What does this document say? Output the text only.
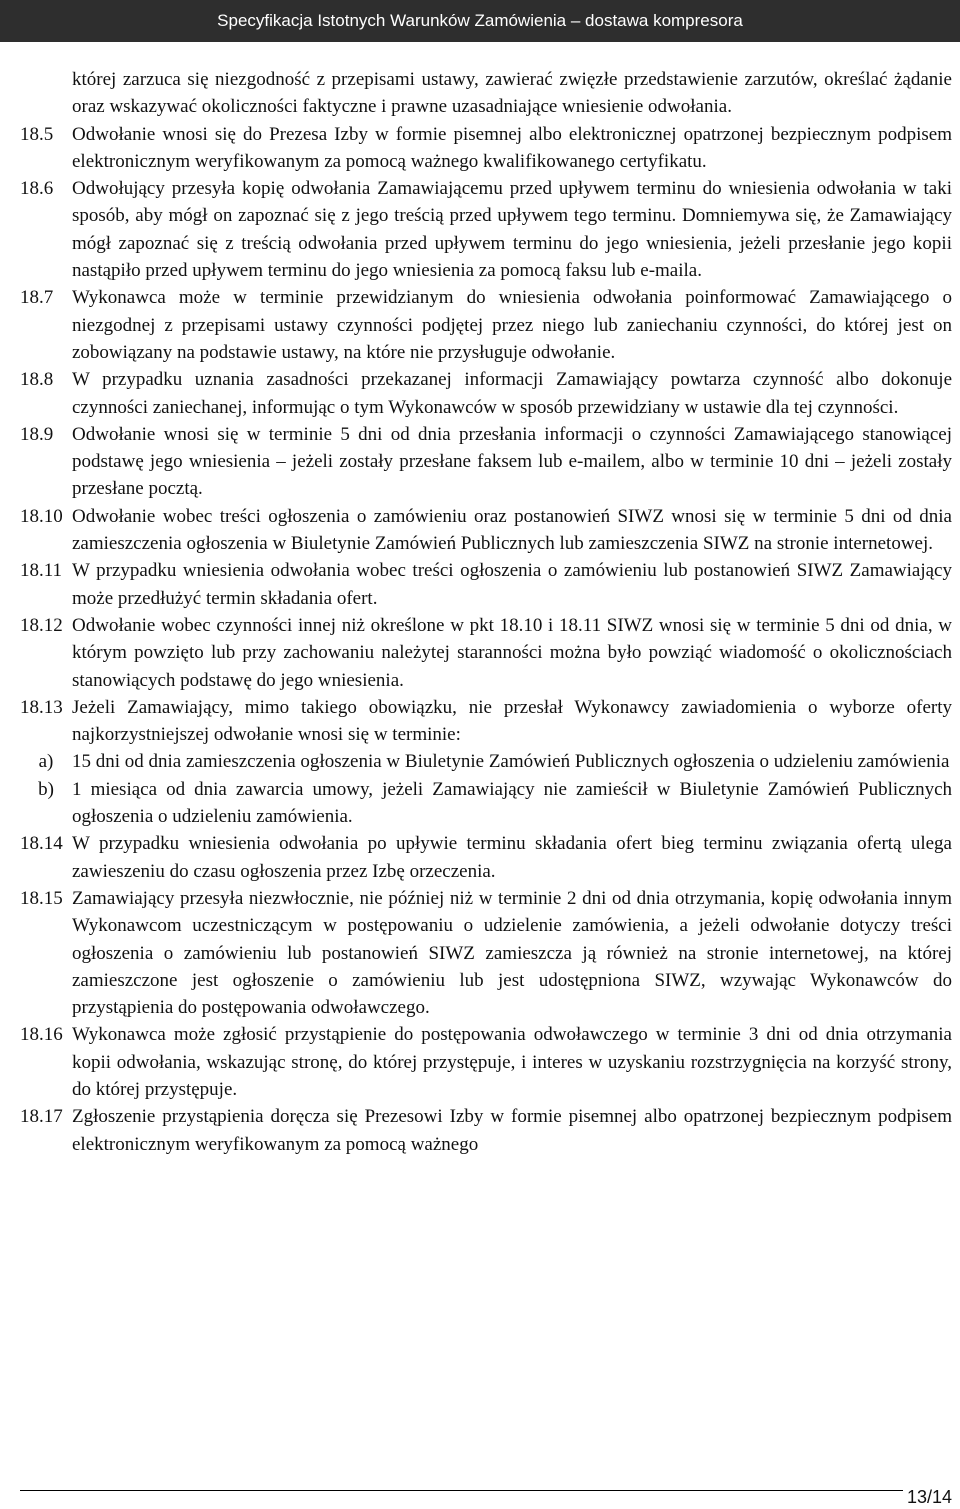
Specyfikacja Istotnych Warunków Zamówienia – dostawa kompresora
której zarzuca się niezgodność z przepisami ustawy, zawierać zwięzłe przedstawienie zarzutów, określać żądanie oraz wskazywać okoliczności faktyczne i prawne uzasadniające wniesienie odwołania.
18.5 Odwołanie wnosi się do Prezesa Izby w formie pisemnej albo elektronicznej opatrzonej bezpiecznym podpisem elektronicznym weryfikowanym za pomocą ważnego kwalifikowanego certyfikatu.
18.6 Odwołujący przesyła kopię odwołania Zamawiającemu przed upływem terminu do wniesienia odwołania w taki sposób, aby mógł on zapoznać się z jego treścią przed upływem tego terminu. Domniemywa się, że Zamawiający mógł zapoznać się z treścią odwołania przed upływem terminu do jego wniesienia, jeżeli przesłanie jego kopii nastąpiło przed upływem terminu do jego wniesienia za pomocą faksu lub e-maila.
18.7 Wykonawca może w terminie przewidzianym do wniesienia odwołania poinformować Zamawiającego o niezgodnej z przepisami ustawy czynności podjętej przez niego lub zaniechaniu czynności, do której jest on zobowiązany na podstawie ustawy, na które nie przysługuje odwołanie.
18.8 W przypadku uznania zasadności przekazanej informacji Zamawiający powtarza czynność albo dokonuje czynności zaniechanej, informując o tym Wykonawców w sposób przewidziany w ustawie dla tej czynności.
18.9 Odwołanie wnosi się w terminie 5 dni od dnia przesłania informacji o czynności Zamawiającego stanowiącej podstawę jego wniesienia – jeżeli zostały przesłane faksem lub e-mailem, albo w terminie 10 dni – jeżeli zostały przesłane pocztą.
18.10 Odwołanie wobec treści ogłoszenia o zamówieniu oraz postanowień SIWZ wnosi się w terminie 5 dni od dnia zamieszczenia ogłoszenia w Biuletynie Zamówień Publicznych lub zamieszczenia SIWZ na stronie internetowej.
18.11 W przypadku wniesienia odwołania wobec treści ogłoszenia o zamówieniu lub postanowień SIWZ Zamawiający może przedłużyć termin składania ofert.
18.12 Odwołanie wobec czynności innej niż określone w pkt 18.10 i 18.11 SIWZ wnosi się w terminie 5 dni od dnia, w którym powzięto lub przy zachowaniu należytej staranności można było powziąć wiadomość o okolicznościach stanowiących podstawę do jego wniesienia.
18.13 Jeżeli Zamawiający, mimo takiego obowiązku, nie przesłał Wykonawcy zawiadomienia o wyborze oferty najkorzystniejszej odwołanie wnosi się w terminie:
a) 15 dni od dnia zamieszczenia ogłoszenia w Biuletynie Zamówień Publicznych ogłoszenia o udzieleniu zamówienia
b) 1 miesiąca od dnia zawarcia umowy, jeżeli Zamawiający nie zamieścił w Biuletynie Zamówień Publicznych ogłoszenia o udzieleniu zamówienia.
18.14 W przypadku wniesienia odwołania po upływie terminu składania ofert bieg terminu związania ofertą ulega zawieszeniu do czasu ogłoszenia przez Izbę orzeczenia.
18.15 Zamawiający przesyła niezwłocznie, nie później niż w terminie 2 dni od dnia otrzymania, kopię odwołania innym Wykonawcom uczestniczącym w postępowaniu o udzielenie zamówienia, a jeżeli odwołanie dotyczy treści ogłoszenia o zamówieniu lub postanowień SIWZ zamieszcza ją również na stronie internetowej, na której zamieszczone jest ogłoszenie o zamówieniu lub jest udostępniona SIWZ, wzywając Wykonawców do przystąpienia do postępowania odwoławczego.
18.16 Wykonawca może zgłosić przystąpienie do postępowania odwoławczego w terminie 3 dni od dnia otrzymania kopii odwołania, wskazując stronę, do której przystępuje, i interes w uzyskaniu rozstrzygnięcia na korzyść strony, do której przystępuje.
18.17 Zgłoszenie przystąpienia doręcza się Prezesowi Izby w formie pisemnej albo opatrzonej bezpiecznym podpisem elektronicznym weryfikowanym za pomocą ważnego
13/14
